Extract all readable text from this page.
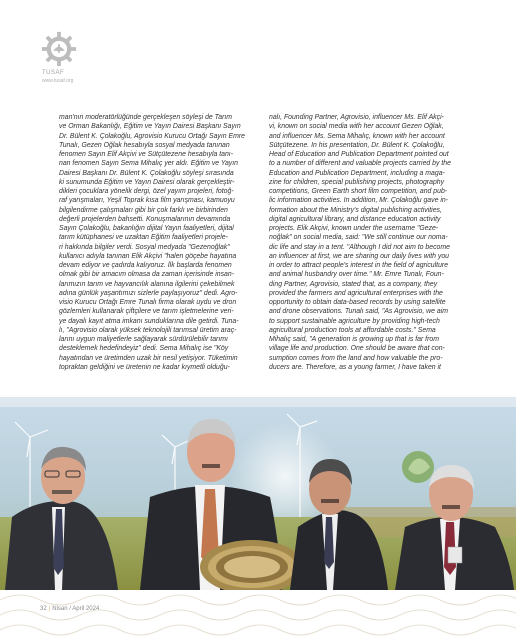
TUSAF
www.tusaf.org
man'nın moderatörlüğünde gerçekleşen söyleşi de Tarım
ve Orman Bakanlığı, Eğitim ve Yayın Dairesi Başkanı Sayın
Dr. Bülent K. Çolakoğlu, Agrovisio Kurucu Ortağı Sayın Emre
Tunalı, Gezen Oğlak hesabıyla sosyal medyada tanınan
fenomen Sayın Elif Akçivi ve Sütçütezene hesabıyla tanı-
nan fenomen Sayın Sema Mihalıç yer aldı. Eğitim ve Yayın
Dairesi Başkanı Dr. Bülent K. Çolakoğlu söyleşi sırasında
ki sunumunda Eğitim ve Yayın Dairesi olarak gerçekleştir-
dikleri çocuklara yönelik dergi, özel yayım projeleri, fotoğ-
raf yarışmaları, Yeşil Toprak kısa film yarışması, kamuoyu
bilgilendirme çalışmaları gibi bir çok farklı ve birbirinden
değerli projelerden bahsetti. Konuşmalarının devamında
Sayın Çolakoğlu, bakanlığın dijital Yayın faaliyetleri, dijital
tarım kütüphanesi ve uzaktan Eğitim faaliyetleri projele-
ri hakkında bilgiler verdi. Sosyal medyada "Gezenoğlak"
kullanıcı adıyla tanınan Elik Akçivi "halen göçebe hayatına
devam ediyor ve çadırda kalıyoruz. İlk başlarda fenomen
olmak gibi bir amacım olmasa da zaman içerisinde insan-
larımızın tarım ve hayvancılık alanına ilgilerini çekebilmek
adına günlük yaşantımızı sizlerle paylaşıyoruz" dedi. Agro-
visio Kurucu Ortağı Emre Tunalı firma olarak uydu ve dron
gözlemleri kullanarak çiftçilere ve tarım işletmelerine veri-
ye dayalı kayıt atma imkanı sunduklarına dile getirdi. Tuna-
lı, "Agrovisio olarak yüksek teknolojili tarımsal üretim araç-
larını uygun maliyetlerle sağlayarak sürdürülebilir tarımı
desteklemek hedefindeyiz" dedi. Sema Mihalıç ise "Köy
hayatından ve üretimden uzak bir nesil yetişiyor. Tüketimin
topraktan geldiğini ve üretenin ne kadar kıymetli olduğu-
nalı, Founding Partner, Agrovisio, influencer Ms. Elif Akçi-
vi, known on social media with her account Gezen Oğlak,
and influencer Ms. Sema Mihalıç, known with her account
Sütçütezene. In his presentation, Dr. Bülent K. Çolakoğlu,
Head of Education and Publication Department pointed out
to a number of different and valuable projects carried by the
Education and Publication Department, including a maga-
zine for children, special publishing projects, photography
competitions, Green Earth short film competition, and pub-
lic information activities. In addition, Mr. Çolakoğlu gave in-
formation about the Ministry's digital publishing activities,
digital agricultural library, and distance education activity
projects. Elik Akçivi, known under the username "Geze-
noğlak" on social media, said: "We still continue our noma-
dic life and stay in a tent. "Although I did not aim to become
an influencer at first, we are sharing our daily lives with you
in order to attract people's interest in the field of agriculture
and animal husbandry over time." Mr. Emre Tunalı, Foun-
ding Partner, Agrovisio, stated that, as a company, they
provided the farmers and agricultural enterprises with the
opportunity to obtain data-based records by using satellite
and drone observations. Tunalı said, "As Agrovisio, we aim
to support sustainable agriculture by providing high-tech
agricultural production tools at affordable costs." Sema
Mihalıç said, "A generation is growing up that is far from
village life and production. One should be aware that con-
sumption comes from the land and how valuable the pro-
ducers are. Therefore, as a young farmer, I have taken it
32 | Nisan / April 2024
